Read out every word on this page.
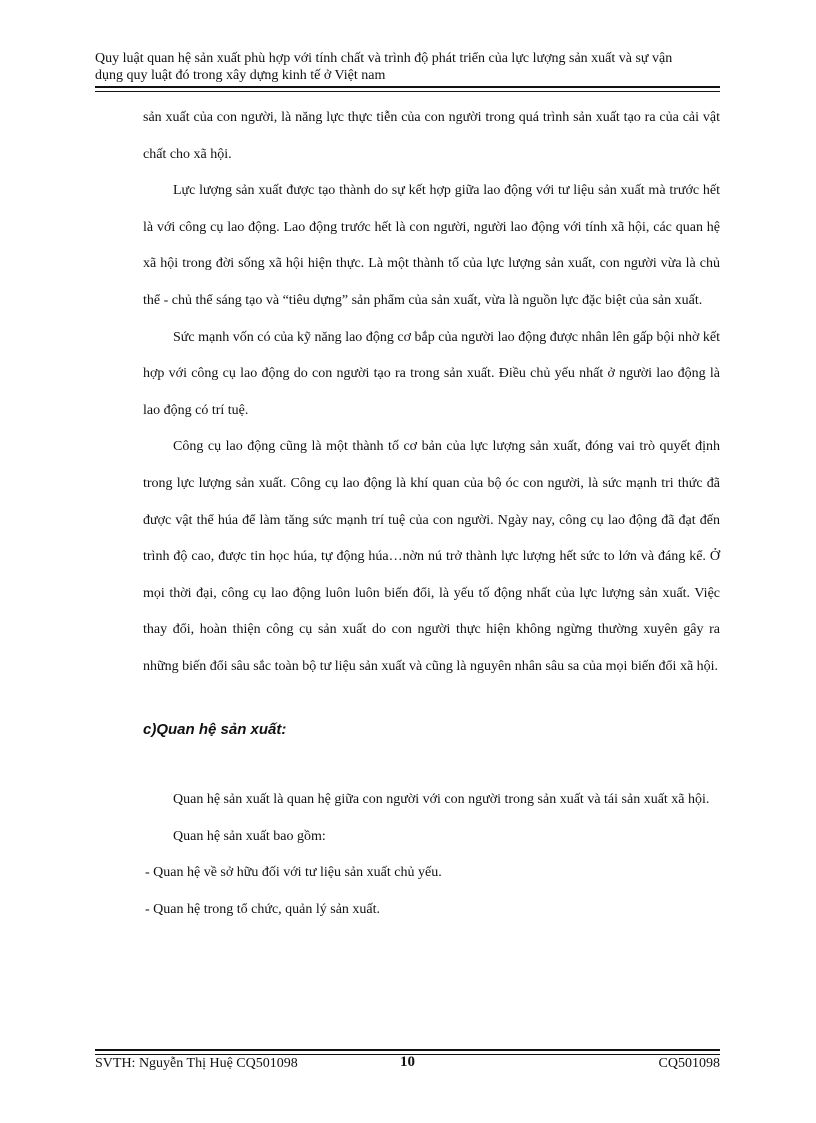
Quy luật quan hệ sản xuất phù hợp với tính chất và trình độ phát triển của lực lượng sản xuất và sự vận
dụng quy luật đó trong xây dựng kinh tế ở Việt nam

sản xuất của con người, là năng lực thực tiễn của con người trong quá trình sản xuất tạo ra của cải vật chất cho xã hội.

Lực lượng sản xuất được tạo thành do sự kết hợp giữa lao động với tư liệu sản xuất mà trước hết là với công cụ lao động. Lao động trước hết là con người, người lao động với tính xã hội, các quan hệ xã hội trong đời sống xã hội hiện thực. Là một thành tố của lực lượng sản xuất, con người vừa là chủ thể - chủ thể sáng tạo và “tiêu dựng” sản phẩm của sản xuất, vừa là nguồn lực đặc biệt của sản xuất.

Sức mạnh vốn có của kỹ năng lao động cơ bắp của người lao động được nhân lên gấp bội nhờ kết hợp với công cụ lao động do con người tạo ra trong sản xuất. Điều chủ yếu nhất ở người lao động là lao động có trí tuệ.

Công cụ lao động cũng là một thành tố cơ bản của lực lượng sản xuất, đóng vai trò quyết định trong lực lượng sản xuất. Công cụ lao động là khí quan của bộ óc con người, là sức mạnh tri thức đã được vật thể húa để làm tăng sức mạnh trí tuệ của con người. Ngày nay, công cụ lao động đã đạt đến trình độ cao, được tin học húa, tự động húa…nờn nú trở thành lực lượng hết sức to lớn và đáng kể. Ở mọi thời đại, công cụ lao động luôn luôn biến đổi, là yếu tố động nhất của lực lượng sản xuất. Việc thay đổi, hoàn thiện công cụ sản xuất do con người thực hiện không ngừng thường xuyên gây ra những biến đổi sâu sắc toàn bộ tư liệu sản xuất và cũng là nguyên nhân sâu sa của mọi biến đổi xã hội.

c)Quan hệ sản xuất:

Quan hệ sản xuất là quan hệ giữa con người với con người trong sản xuất và tái sản xuất xã hội.

Quan hệ sản xuất bao gồm:

- Quan hệ về sở hữu đối với tư liệu sản xuất chủ yếu.

- Quan hệ trong tổ chức, quản lý sản xuất.

SVTH: Nguyễn Thị Huệ CQ501098	10	CQ501098
